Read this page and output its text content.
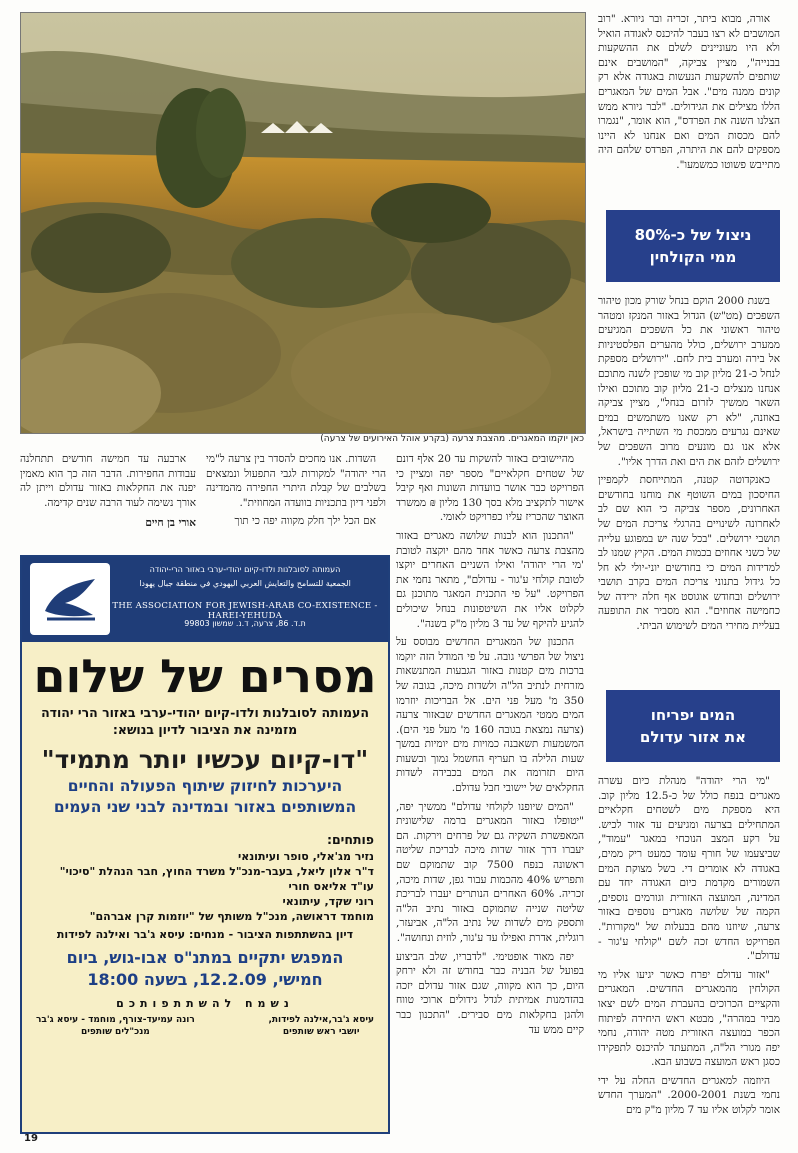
כאן יוקמו המאגרים. מהצבת צרעה (בקרע אוהל האירועים של צרעה)

אורה, מבוא ביתר, זכריה ובר גיורא. "רוב המושבים לא רצו בעבר להיכנס לאגודה הואיל ולא היו מעוניינים לשלם את ההשקעות בבנייה", מציין צביקה, "המושבים אינם שותפים להשקעות הנעשות באגודה אלא רק קונים ממנה מים". אבל המים של המאגרים הללו מצילים את הגידולים. "לבר גיורא ממש הצלנו השנה את הפרדס", הוא אומר, "נגמרו להם מכסות המים ואם אנחנו לא היינו מספקים להם את היתרה, הפרדס שלהם היה מתייבש פשוטו כמשמעו".

ניצול של כ-80%
ממי הקולחין

בשנת 2000 הוקם בנחל שורק מכון טיהור השפכים (מט"ש) הגדול באזור המנקז ומטהר טיהור ראשוני את כל השפכים המגיעים ממערב ירושלים, כולל מהערים הפלסטיניות אל בירה ומערב בית לחם. "ירושלים מספקת לנחל כ-21 מליון קוב מי שופכין לשנה מתוכם אנחנו מנצלים כ-21 מליון קוב מתוכם ואילו השאר ממשיך לזרום בנחל", מציין צביקה באוזנה, "לא רק שאנו משתמשים במים שאינם נגרעים ממכסת מי השתייה בישראל, אלא אנו גם מונעים מרוב השפכים של ירושלים לזהם את הים ואת הדרך אליו".

כאנקדוטה קטנה, המתייחסת לקמפיין החיסכון במים השוטף את מוחנו בחודשים האחרונים, מספר צביקה כי הוא שם לב לאחרונה לשינויים בהרגלי צריכת המים של תושבי ירושלים. "בכל שנה יש במפוגע עלייה של כשני אחוזים בכמות המים. הקיץ שמנו לב למדידות המים כי בחודשים יוני-יולי לא חל כל גידול בתנוני צריכת המים בקרב תושבי ירושלים ובחודש אוגוסט אף חלה ירידה של כחמישה אחוזים". הוא מסביר את התופעה בעליית מחירי המים לשימוש הביתי.

המים יפריחו
את אזור עדולם

"מי הרי יהודה" מנהלת כיום עשרה מאגרים בנפח כולל של כ-12.5 מליון קוב. היא מספקת מים לשטחים חקלאיים המתחילים בצרעה ומגיעים עד אזור לכיש. על רקע המצב הנוכחי במאגר "עמוד", שביצעמו של חורף עומד כמעט ריק ממים, באגודה לא אומרים די. בשל מצוקת המים השמורים מקדמת כיום האגודה יחד עם המדינה, המועצה האזורית וגורמים נוספים, הקמה של שלושה מאגרים נוספים באזור צרעה, שיוזנו מהם בבעלות של "מקורות". הפרויקט החדש זכה לשם "קולחי ע'גור - עדולם".

"אזור עדולם יפרח כאשר יגיעו אליו מי הקולחין מהמאגרים החדשים. המאגרים והקציים הכרוכים בהעברת המים לשם יצאו מביר במהרה", מבטא ראש היחידה לפיתוח הכפר במועצה האזורית מטה יהודה, נחמי יפה מגורי הל"ה, המתעתד להיכנס לתפקידו כסגן ראש המועצה בשבוע הבא.

היוזמה למאגרים החדשים החלה על ידי נחמי בשנת 2000-2001. "המערך החדש אומר לקלוט אליו עד 7 מליון מ"ק מים

מהיישובים באזור להשקות עד 20 אלף דונם של שטחים חקלאיים" מספר יפה ומציין כי הפרויקט כבר אושר בוועדות השונות ואף קיבל אישור לתקציב מלא בסך 130 מליון ₪ ממשרד האוצר שהכריז עליו כפרויקט לאומי.

"התכנון הוא לבנות שלושה מאגרים באזור מהצבת צרעה כאשר אחד מהם יוקצה לטובת 'מי הרי יהודה' ואילו השניים האחרים יוקצו לטובת קולחי ע'גור - עדולם", מתאר נחמי את הפרויקט. "על פי התכנית המאגר מתוכנן גם לקלוט אליו את השיטפונות בנחל שיכולים להגיע להיקף של עד 3 מליון מ"ק בשנה".

התכנון של המאגרים החדשים מבוסס על ניצול של הפרשי גובה. על פי המודל הזה יוקמו ברכות מים קטנות באזור הגבעות המתנשאות מזרחית לנתיב הל"ה ולשדות מיכה, בגובה של 350 מ' מעל פני הים. אל הבריכות יוזרמו המים ממטי המאגרים החדשים שבאזור צרעה (צרעה נמצאת בגובה 160 מ' מעל פני הים). המשמעות תשאבנה כמויות מים יומיות במשך שעות הלילה בו תעריף החשמל נמוך ובשעות היום תזרומה את המים בכבידה לשדות החקלאים של יישובי חבל עדולם.

"המים שיופנו לקולחי עדולם" ממשיך יפה, "יטופלו באזור המאגרים ברמה שלישונית המאפשרת השקיה גם של פרחים וירקות. הם יעברו דרך אזור שדות מיכה לבריכת שליטה ראשונה בנפח 7500 קוב שתמוקם שם ותפריש 40% מהכמות עבור גפן, שדות מיכה, זכריה. 60% האחרים הנותרים יעברו לבריכת שליטה שנייה שתמוקם באזור נתיב הל"ה ותספק מים לשדות של נתיב הל"ה, אביעזר, רוגלית, אדרת ואפילו עד ע'גור, לוזית ונחושה".

יפה מאוד אופטימי. "לדבריו, שלב הביצוע בפועל של הבניה כבר בחודש זה ולא ירחק היום, כך הוא מקווה, שגם אזור עדולם יזכה בהזדמנות אמיתית לגדל גידולים ארוכי טווח ולהגן בחקלאות מים סבירים. "התכנון כבר קיים ממש עד

השדות. אנו מחכים להסדר בין צרעה ל"מי הרי יהודה" למקורות לגבי התפעול ונמצאים בשלבים של קבלת היתרי החפירה מהמדינה ולפני דיון בתכניות בוועדה המחוזית".

אם הכל ילך חלק מקווה יפה כי תוך

ארבעה עד חמישה חודשים תתחלנה עבודות החפירות. הדבר הזה כך הוא מאמין יפנה את החקלאות באזור עדולם וייתן לה אורך נשימה לעוד הרבה שנים קדימה.

אורי בן חיים

העמותה לסובלנות ולדו-קיום יהודי-ערבי באזור הרי-יהודה
الجمعية للتسامح والتعايش العربي اليهودي في منطقة جبال يهودا
THE ASSOCIATION FOR JEWISH-ARAB CO-EXISTENCE - HAREI-YEHUDA
ת.ד. 86, צרעה, ד.נ. שמשון 99803
מסרים של שלום
העמותה לסובלנות ולדו-קיום יהודי-ערבי באזור הרי יהודה מזמינה את הציבור לדיון בנושא:
"דו-קיום עכשיו יותר מתמיד"
היערכות לחיזוק שיתוף הפעולה והחיים המשותפים באזור ובמדינה לבני שני העמים
פותחים:
נזיר מג'אלי, סופר ועיתונאי
ד"ר אלון ליאל, בעבר-מנכ"ל משרד החוץ, חבר הנהלת "סיכוי"
עו"ד אליאס חורי
רוני שקד, עיתונאי
מוחמד דראושה, מנכ"ל משותף של "יוזמות קרן אברהם"
דיון בהשתתפות הציבור - מנחים: עיסא ג'בר ואילנה לפידות
המפגש יתקיים במתנ"ס אבו-גוש, ביום
חמישי, 12.2.09, בשעה 18:00
נשמח להשתתפותכם
עיסא ג'בר,אילנה לפידות,
יושבי ראש שותפים
רונה עמיעד-צורף, מוחמד - עיסא ג'בר
מנכ"לים שותפים
19
